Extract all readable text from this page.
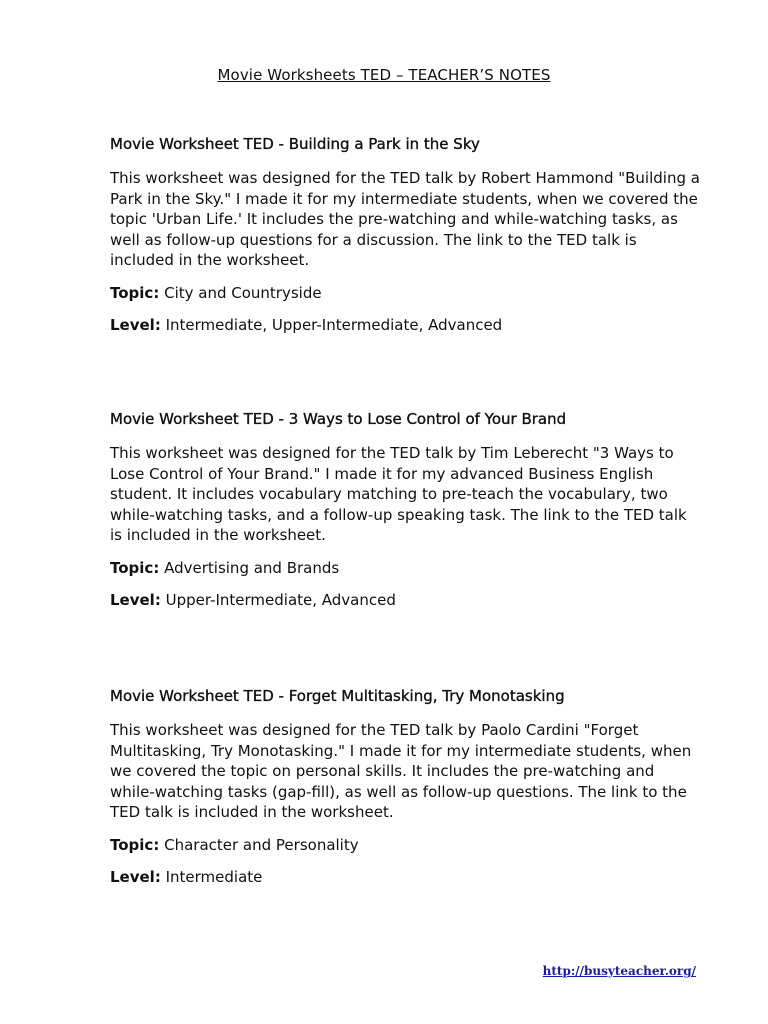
Movie Worksheets TED – TEACHER’S NOTES
Movie Worksheet TED - Building a Park in the Sky

This worksheet was designed for the TED talk by Robert Hammond "Building a Park in the Sky." I made it for my intermediate students, when we covered the topic 'Urban Life.' It includes the pre-watching and while-watching tasks, as well as follow-up questions for a discussion. The link to the TED talk is included in the worksheet.

Topic: City and Countryside

Level: Intermediate, Upper-Intermediate, Advanced

Movie Worksheet TED - 3 Ways to Lose Control of Your Brand

This worksheet was designed for the TED talk by Tim Leberecht "3 Ways to Lose Control of Your Brand." I made it for my advanced Business English student. It includes vocabulary matching to pre-teach the vocabulary, two while-watching tasks, and a follow-up speaking task. The link to the TED talk is included in the worksheet.

Topic: Advertising and Brands

Level: Upper-Intermediate, Advanced

Movie Worksheet TED - Forget Multitasking, Try Monotasking

This worksheet was designed for the TED talk by Paolo Cardini "Forget Multitasking, Try Monotasking." I made it for my intermediate students, when we covered the topic on personal skills. It includes the pre-watching and while-watching tasks (gap-fill), as well as follow-up questions. The link to the TED talk is included in the worksheet.

Topic: Character and Personality

Level: Intermediate

http://busyteacher.org/
